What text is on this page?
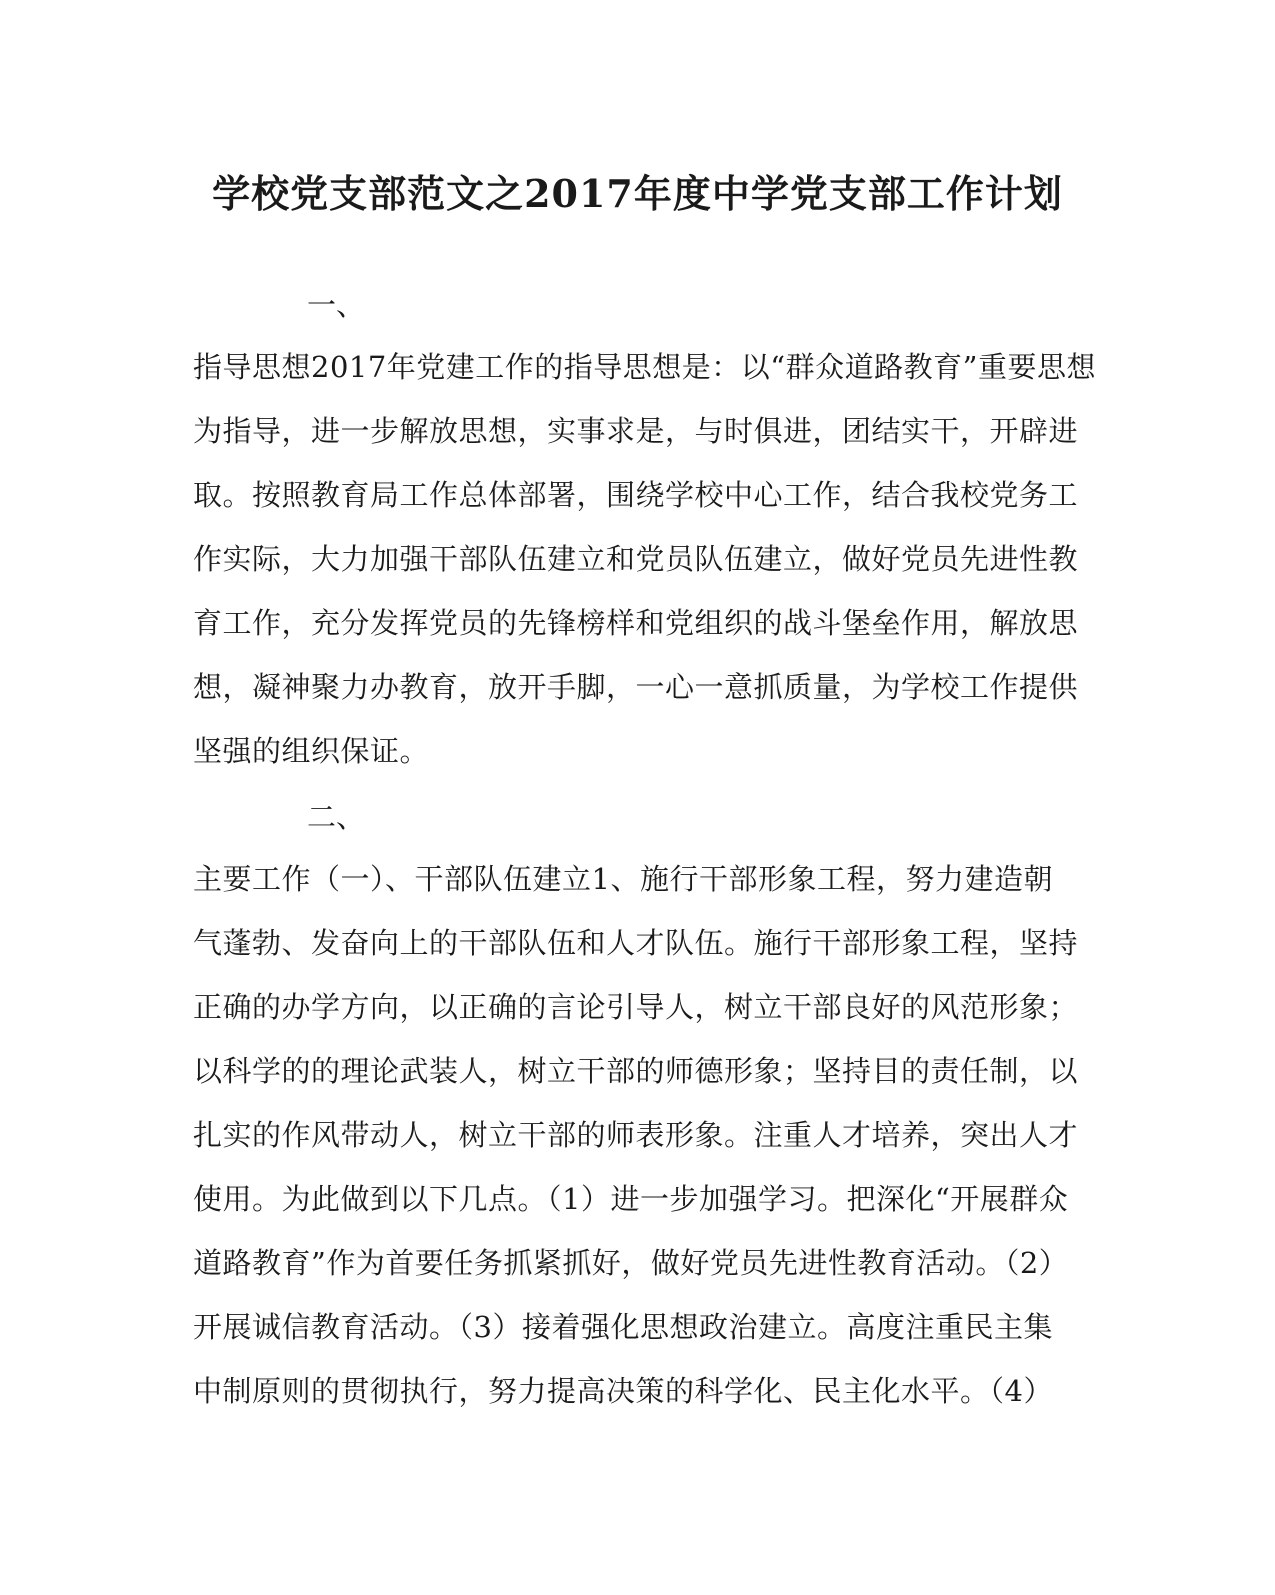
学校党支部范文之2017年度中学党支部工作计划
一、
指导思想2017年党建工作的指导思想是：以“群众道路教育”重要思想
为指导，进一步解放思想，实事求是，与时俱进，团结实干，开辟进
取。按照教育局工作总体部署，围绕学校中心工作，结合我校党务工
作实际，大力加强干部队伍建立和党员队伍建立，做好党员先进性教
育工作，充分发挥党员的先锋榜样和党组织的战斗堡垒作用，解放思
想，凝神聚力办教育，放开手脚，一心一意抓质量，为学校工作提供
坚强的组织保证。
二、
主要工作（一）、干部队伍建立1、施行干部形象工程，努力建造朝
气蓬勃、发奋向上的干部队伍和人才队伍。施行干部形象工程，坚持
正确的办学方向，以正确的言论引导人，树立干部良好的风范形象；
以科学的的理论武装人，树立干部的师德形象；坚持目的责任制，以
扎实的作风带动人，树立干部的师表形象。注重人才培养，突出人才
使用。为此做到以下几点。（1）进一步加强学习。把深化“开展群众
道路教育”作为首要任务抓紧抓好，做好党员先进性教育活动。（2）
开展诚信教育活动。（3）接着强化思想政治建立。高度注重民主集
中制原则的贯彻执行，努力提高决策的科学化、民主化水平。（4）
